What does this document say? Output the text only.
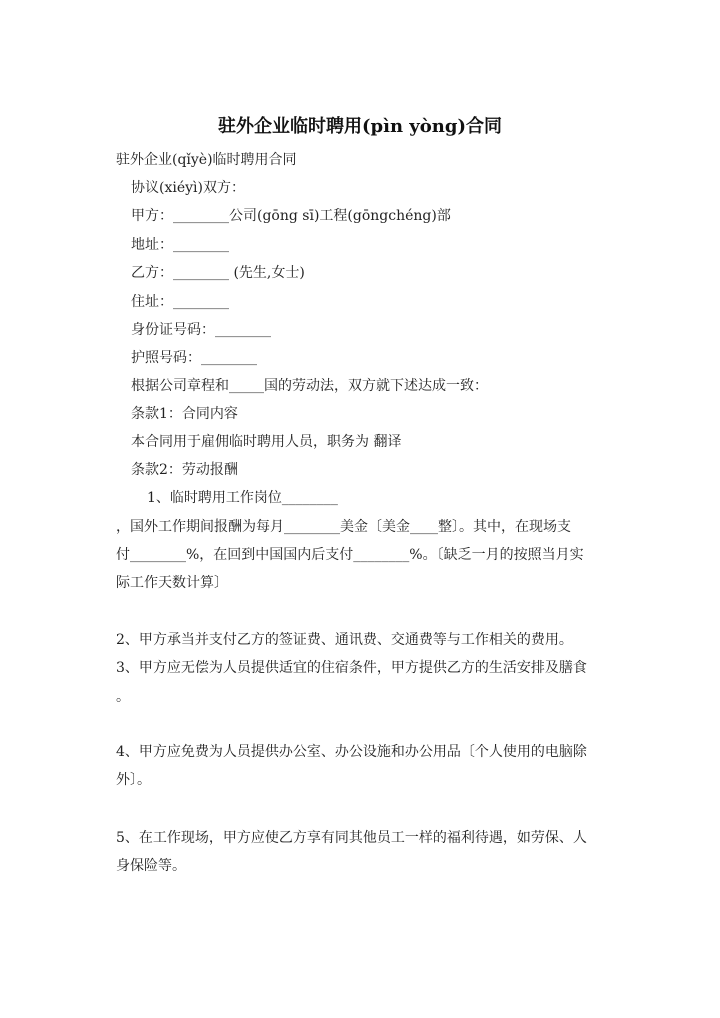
驻外企业临时聘用(pìn yòng)合同
驻外企业(qǐyè)临时聘用合同
协议(xiéyì)双方：
甲方：________公司(gōng sī)工程(gōngchéng)部
地址：________
乙方：________ (先生,女士)
住址：________
身份证号码：________
护照号码：________
根据公司章程和_____国的劳动法，双方就下述达成一致：
条款1：合同内容
本合同用于雇佣临时聘用人员，职务为 翻译
条款2：劳动报酬
1、临时聘用工作岗位________
，国外工作期间报酬为每月________美金〔美金____整〕。其中，在现场支
付________%，在回到中国国内后支付________%。〔缺乏一月的按照当月实
际工作天数计算〕
2、甲方承当并支付乙方的签证费、通讯费、交通费等与工作相关的费用。
3、甲方应无偿为人员提供适宜的住宿条件，甲方提供乙方的生活安排及膳食
。
4、甲方应免费为人员提供办公室、办公设施和办公用品〔个人使用的电脑除
外〕。
5、在工作现场，甲方应使乙方享有同其他员工一样的福利待遇，如劳保、人
身保险等。
